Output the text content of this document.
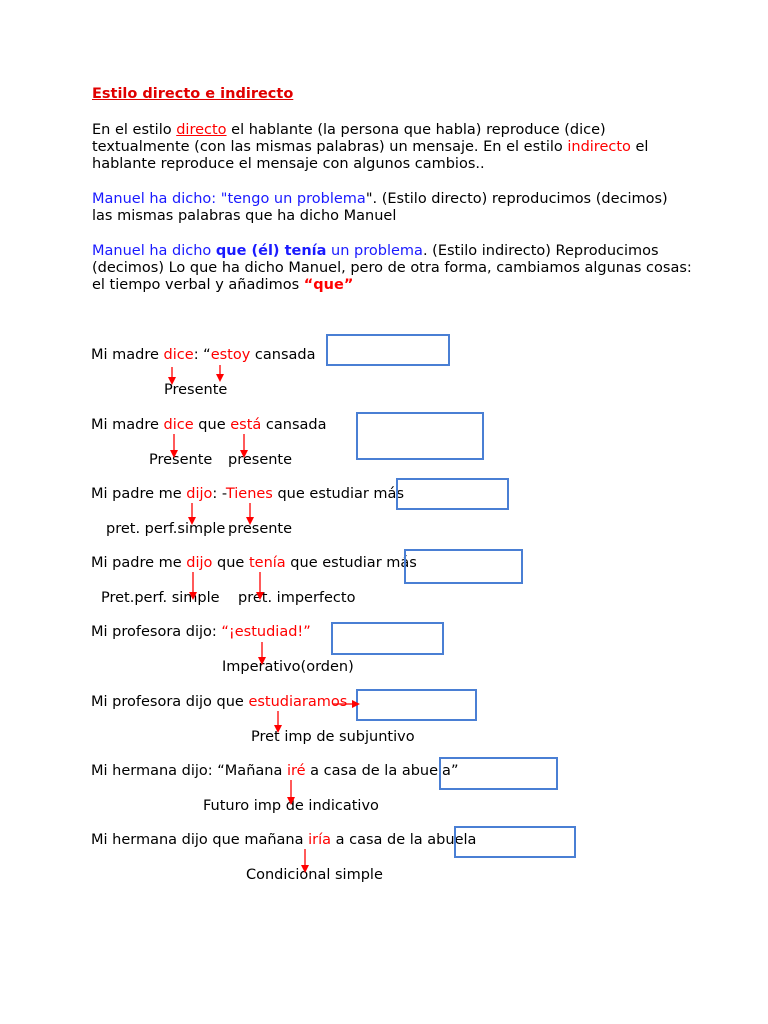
Estilo directo e indirecto
En el estilo directo el hablante (la persona que habla) reproduce (dice) textualmente (con las mismas palabras) un mensaje. En el estilo indirecto el hablante reproduce el mensaje con algunos cambios..
Manuel ha dicho: "tengo un problema". (Estilo directo) reproducimos (decimos) las mismas palabras que ha dicho Manuel
Manuel ha dicho que (él) tenía un problema. (Estilo indirecto) Reproducimos (decimos) Lo que ha dicho Manuel, pero de otra forma, cambiamos algunas cosas: el tiempo verbal y añadimos “que”
Mi madre dice: “estoy cansada
Presente
Mi madre dice que está cansada
Presente presente
Mi padre me dijo: -Tienes que estudiar más
pret. perf.simple presente
Mi padre me dijo que tenía que estudiar más
Pret.perf. simple pret. imperfecto
Mi profesora dijo: “¡estudiad!”
Imperativo(orden)
Mi profesora dijo que estudiaramos
Pret imp de subjuntivo
Mi hermana dijo: “Mañana iré a casa de la abuela”
Futuro imp de indicativo
Mi hermana dijo que mañana iría a casa de la abuela
Condicional simple
